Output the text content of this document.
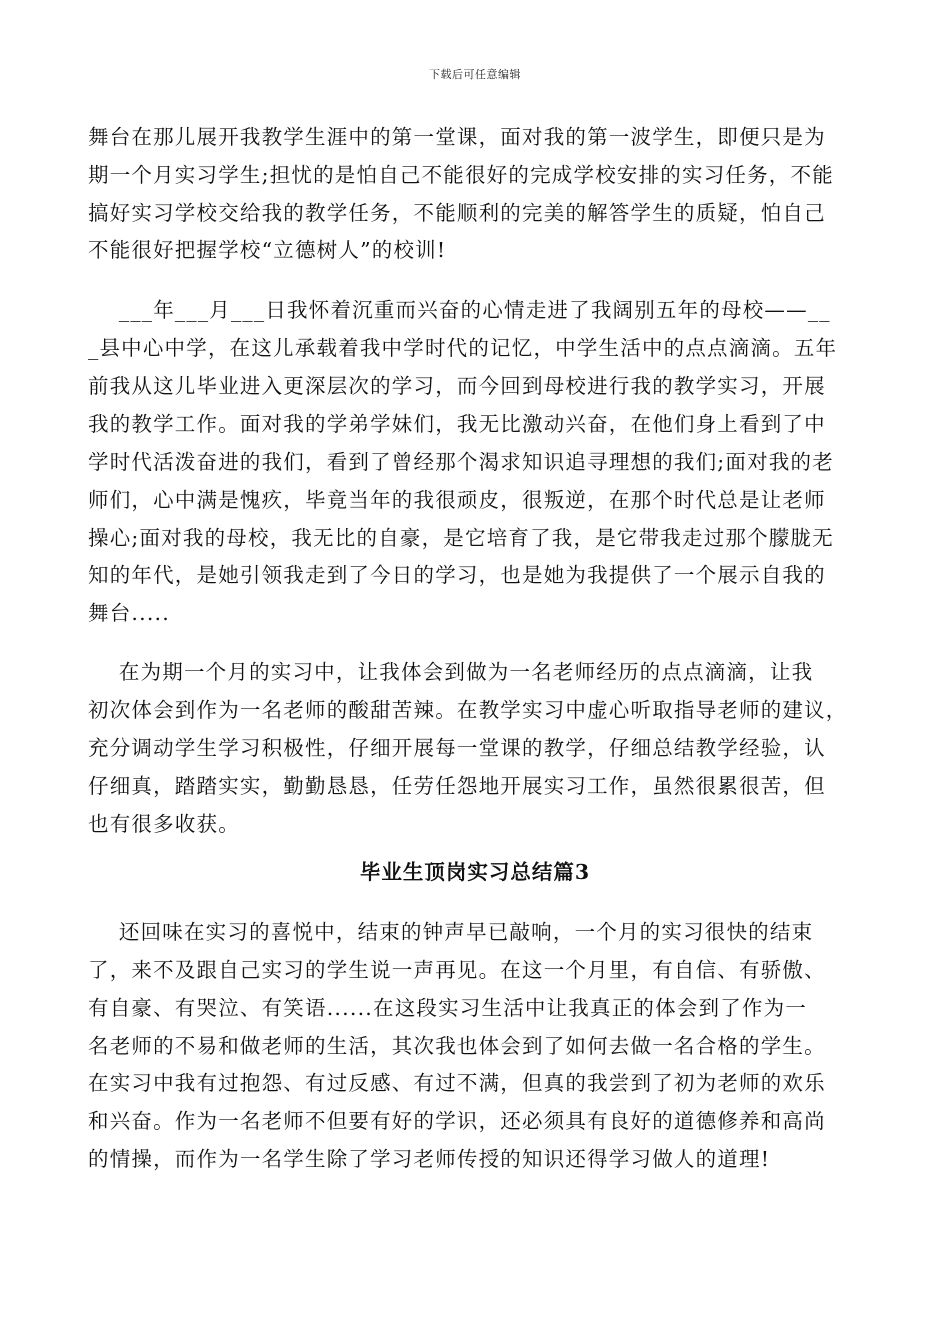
下载后可任意编辑
舞台在那儿展开我教学生涯中的第一堂课，面对我的第一波学生，即便只是为
期一个月实习学生;担忧的是怕自己不能很好的完成学校安排的实习任务，不能
搞好实习学校交给我的教学任务，不能顺利的完美的解答学生的质疑，怕自己
不能很好把握学校“立德树人”的校训!
___年___月___日我怀着沉重而兴奋的心情走进了我阔别五年的母校——__
_县中心中学，在这儿承载着我中学时代的记忆，中学生活中的点点滴滴。五年
前我从这儿毕业进入更深层次的学习，而今回到母校进行我的教学实习，开展
我的教学工作。面对我的学弟学妹们，我无比激动兴奋，在他们身上看到了中
学时代活泼奋进的我们，看到了曾经那个渴求知识追寻理想的我们;面对我的老
师们，心中满是愧疚，毕竟当年的我很顽皮，很叛逆，在那个时代总是让老师
操心;面对我的母校，我无比的自豪，是它培育了我，是它带我走过那个朦胧无
知的年代，是她引领我走到了今日的学习，也是她为我提供了一个展示自我的
舞台.....
在为期一个月的实习中，让我体会到做为一名老师经历的点点滴滴，让我
初次体会到作为一名老师的酸甜苦辣。在教学实习中虚心听取指导老师的建议，
充分调动学生学习积极性，仔细开展每一堂课的教学，仔细总结教学经验，认
仔细真，踏踏实实，勤勤恳恳，任劳任怨地开展实习工作，虽然很累很苦，但
也有很多收获。
毕业生顶岗实习总结篇3
还回味在实习的喜悦中，结束的钟声早已敲响，一个月的实习很快的结束
了，来不及跟自己实习的学生说一声再见。在这一个月里，有自信、有骄傲、
有自豪、有哭泣、有笑语......在这段实习生活中让我真正的体会到了作为一
名老师的不易和做老师的生活，其次我也体会到了如何去做一名合格的学生。
在实习中我有过抱怨、有过反感、有过不满，但真的我尝到了初为老师的欢乐
和兴奋。作为一名老师不但要有好的学识，还必须具有良好的道德修养和高尚
的情操，而作为一名学生除了学习老师传授的知识还得学习做人的道理!
